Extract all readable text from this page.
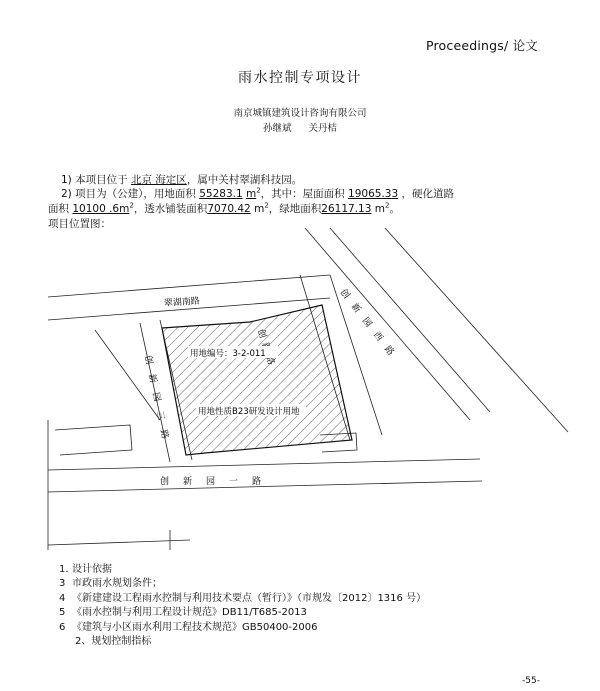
Proceedings/ 论文
雨水控制专项设计
南京城镇建筑设计咨询有限公司
孙继斌 关丹桔
1) 本项目位于 北京 海定区，属中关村翠湖科技园。
2) 项目为（公建），用地面积 55283.1 $m^2$，其中：屋面面积 19065.33 ，硬化道路
面积 10100 $.6m^2$，透水铺装面积7070.42 $m^2$，绿地面积26117.13 $m^2$。
项目位置图：
翠湖南路	创新园西路
创新园三路
创新园一路
用地编号：3-2-011
用地性质B23研发设计用地
1. 设计依据
3 市政雨水规划条件；
4 《新建建设工程雨水控制与利用技术要点（暂行）》（市规发〔2012〕1316 号）
5 《雨水控制与利用工程设计规范》DB11/T685-2013
6 《建筑与小区雨水利用工程技术规范》GB50400-2006
2、规划控制指标
-55-
